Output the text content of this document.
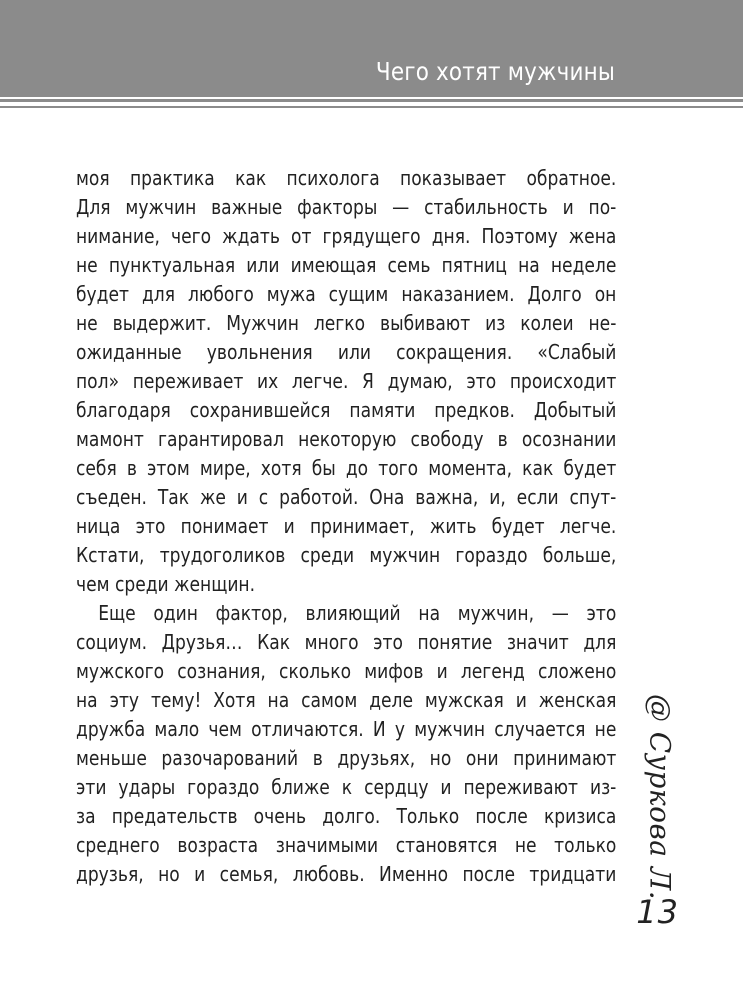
Чего хотят мужчины
моя практика как психолога показывает обратное.
Для мужчин важные факторы — стабильность и по-
нимание, чего ждать от грядущего дня. Поэтому жена
не пунктуальная или имеющая семь пятниц на неделе
будет для любого мужа сущим наказанием. Долго он
не выдержит. Мужчин легко выбивают из колеи не-
ожиданные увольнения или сокращения. «Слабый
пол» переживает их легче. Я думаю, это происходит
благодаря сохранившейся памяти предков. Добытый
мамонт гарантировал некоторую свободу в осознании
себя в этом мире, хотя бы до того момента, как будет
съеден. Так же и с работой. Она важна, и, если спут-
ница это понимает и принимает, жить будет легче.
Кстати, трудоголиков среди мужчин гораздо больше,
чем среди женщин.
Еще один фактор, влияющий на мужчин, — это
социум. Друзья… Как много это понятие значит для
мужского сознания, сколько мифов и легенд сложено
на эту тему! Хотя на самом деле мужская и женская
дружба мало чем отличаются. И у мужчин случается не
меньше разочарований в друзьях, но они принимают
эти удары гораздо ближе к сердцу и переживают из-
за предательств очень долго. Только после кризиса
среднего возраста значимыми становятся не только
друзья, но и семья, любовь. Именно после тридцати @ Суркова Л.
13
